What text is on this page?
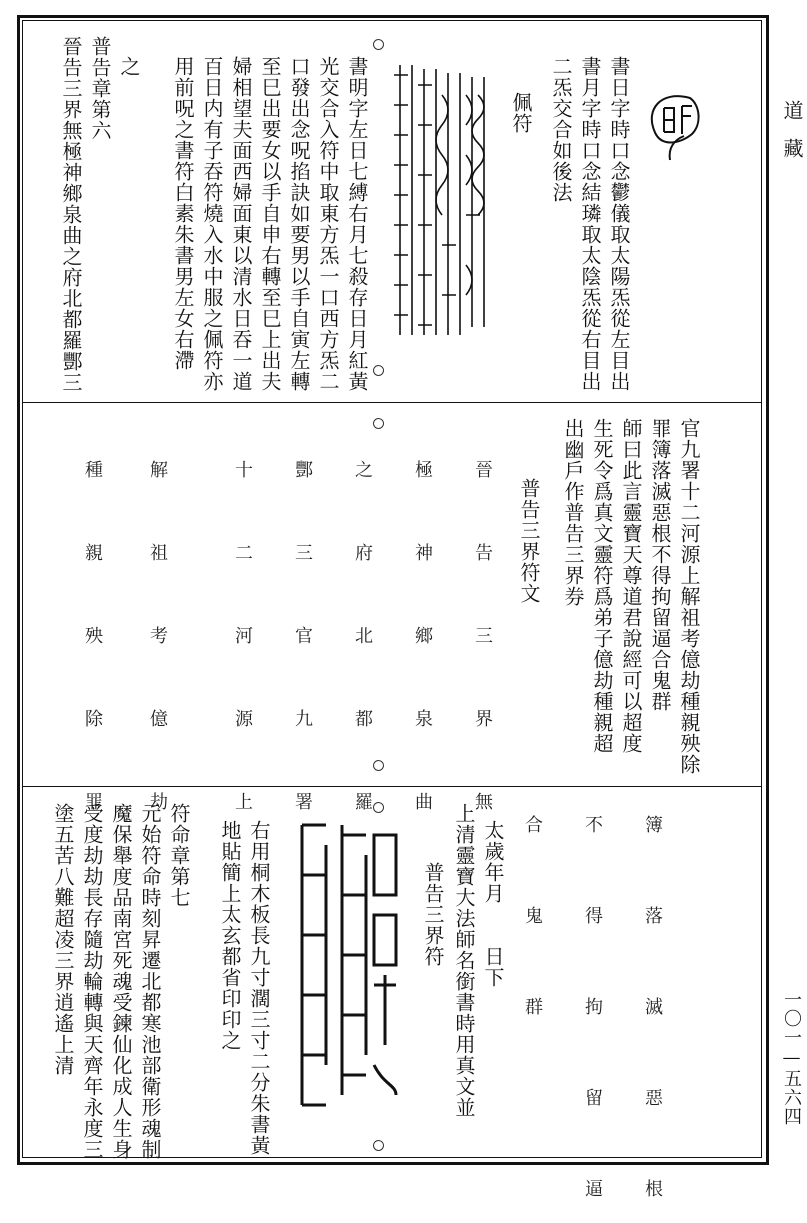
道藏
一〇一—五六四
書日字時口念鬱儀取太陽炁從左目出
書月字時口念結璘取太陰炁從右目出
二炁交合如後法
佩符
書明字左日七縛右月七殺存日月紅黃
光交合入符中取東方炁一口西方炁二
口發出念呪掐訣如要男以手自寅左轉
至巳出要女以手自申右轉至巳上出夫
婦相望夫面西婦面東以清水日吞一道
百日内有子吞符燒入水中服之佩符亦
用前呪之書符白素朱書男左女右滯
之
普告章第六
晉告三界無極神鄉泉曲之府北都羅酆三
官九署十二河源上解祖考億劫種親殃除
罪簿落滅惡根不得拘留逼合鬼群
師曰此言靈寶天尊道君說經可以超度
生死令爲真文靈符爲弟子億劫種親超
出幽戶作普告三界券
普告三界符文
晉 告 三 界 無
極 神 鄉 泉 曲
之 府 北 都 羅
酆 三 官 九 署
十 二 河 源 上
解 祖 考 億 劫
種 親 殃 除 罪
簿 落 滅 惡 根
不 得 拘 留 逼
合 鬼 群
太歲年月　　日下
上清靈寶大法師名銜書時用真文並
普告三界符
右用桐木板長九寸濶三寸二分朱書黃
地貼簡上太玄都省印印之
符命章第七
元始符命時刻昇遷北都寒池部衛形魂制
魔保舉度品南宮死魂受鍊仙化成人生身
受度劫劫長存隨劫輪轉與天齊年永度三
塗五苦八難超凌三界逍遙上清
